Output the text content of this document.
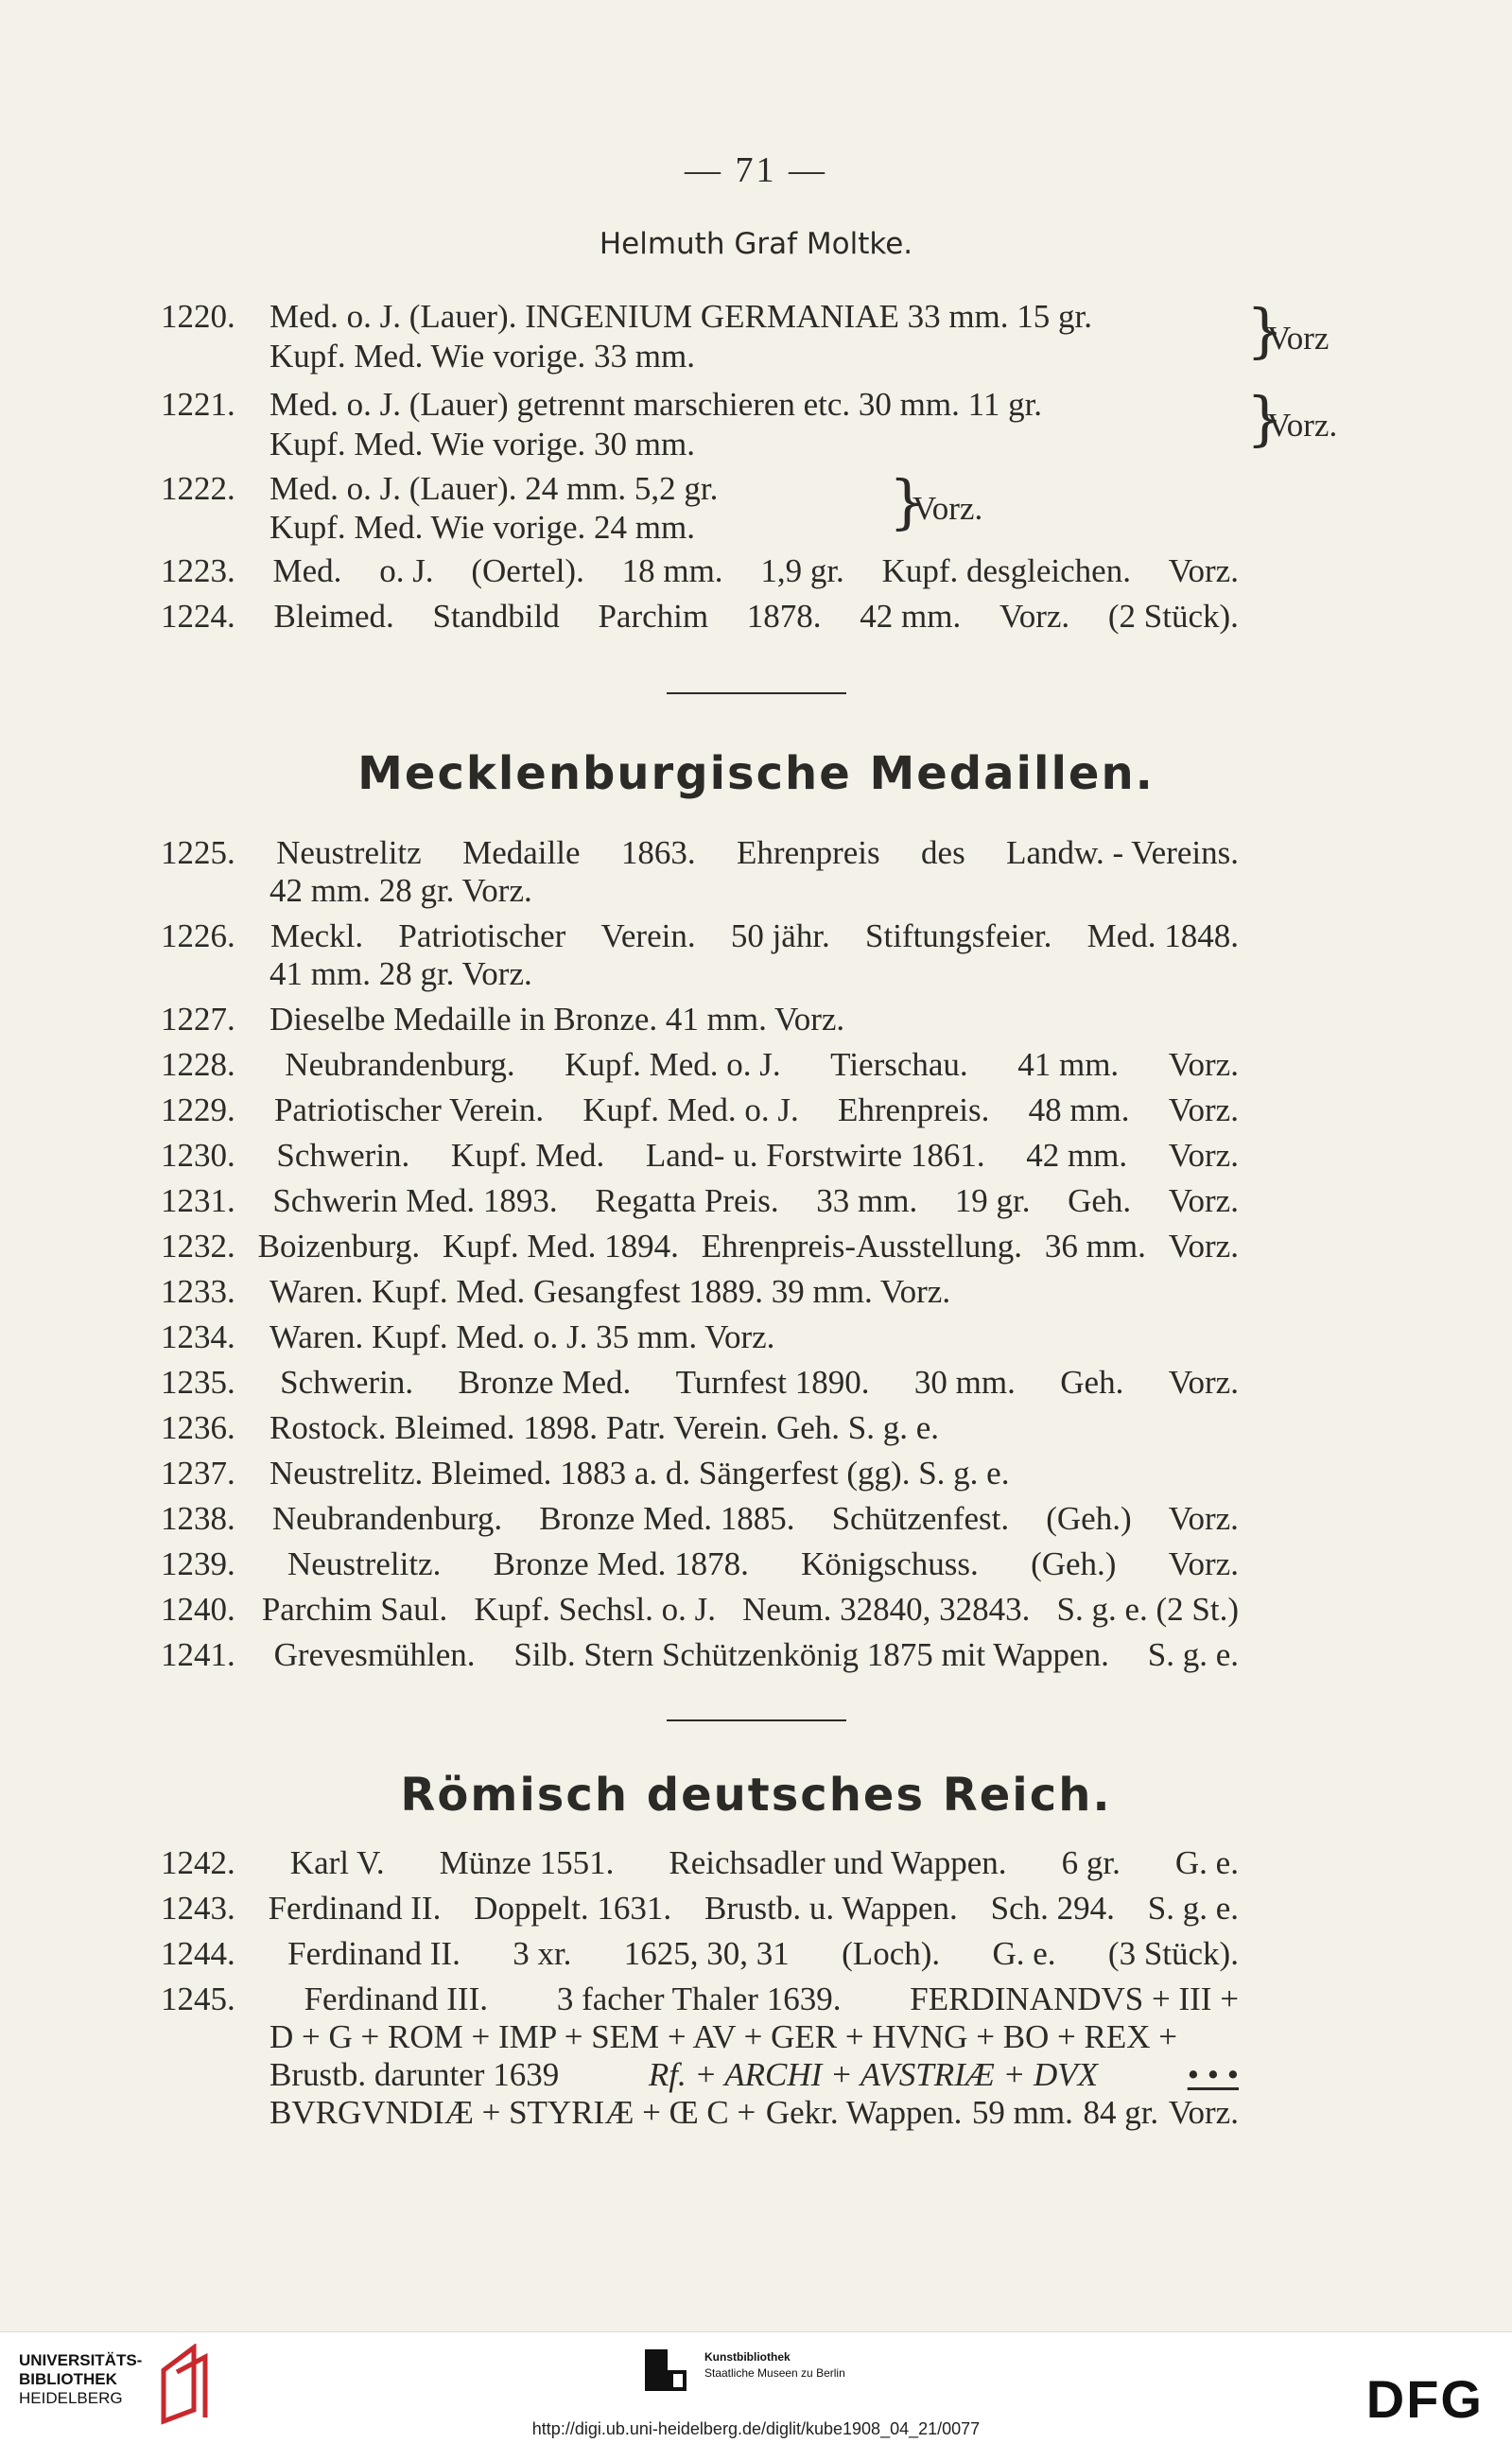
— 71 —
Helmuth Graf Moltke.
1220. Med. o. J. (Lauer). INGENIUM GERMANIAE 33 mm. 15 gr.
Kupf. Med. Wie vorige. 33 mm.	}
Vorz
1221. Med. o. J. (Lauer) getrennt marschieren etc. 30 mm. 11 gr.
Kupf. Med. Wie vorige. 30 mm.	}
Vorz.
1222. Med. o. J. (Lauer). 24 mm. 5,2 gr.
Kupf. Med. Wie vorige. 24 mm.	}
Vorz.
1223. Med. o. J. (Oertel). 18 mm. 1,9 gr. Kupf. desgleichen. Vorz.
1224. Bleimed. Standbild Parchim 1878. 42 mm. Vorz. (2 Stück).
Mecklenburgische Medaillen.
1225. Neustrelitz Medaille 1863. Ehrenpreis des Landw. - Vereins.
42 mm. 28 gr. Vorz.
1226. Meckl. Patriotischer Verein. 50 jähr. Stiftungsfeier. Med. 1848.
41 mm. 28 gr. Vorz.
1227. Dieselbe Medaille in Bronze. 41 mm. Vorz.
1228. Neubrandenburg. Kupf. Med. o. J. Tierschau. 41 mm. Vorz.
1229. Patriotischer Verein. Kupf. Med. o. J. Ehrenpreis. 48 mm. Vorz.
1230. Schwerin. Kupf. Med. Land- u. Forstwirte 1861. 42 mm. Vorz.
1231. Schwerin Med. 1893. Regatta Preis. 33 mm. 19 gr. Geh. Vorz.
1232. Boizenburg. Kupf. Med. 1894. Ehrenpreis-Ausstellung. 36 mm. Vorz.
1233. Waren. Kupf. Med. Gesangfest 1889. 39 mm. Vorz.
1234. Waren. Kupf. Med. o. J. 35 mm. Vorz.
1235. Schwerin. Bronze Med. Turnfest 1890. 30 mm. Geh. Vorz.
1236. Rostock. Bleimed. 1898. Patr. Verein. Geh. S. g. e.
1237. Neustrelitz. Bleimed. 1883 a. d. Sängerfest (gg). S. g. e.
1238. Neubrandenburg. Bronze Med. 1885. Schützenfest. (Geh.) Vorz.
1239. Neustrelitz. Bronze Med. 1878. Königschuss. (Geh.) Vorz.
1240. Parchim Saul. Kupf. Sechsl. o. J. Neum. 32840, 32843. S. g. e. (2 St.)
1241. Grevesmühlen. Silb. Stern Schützenkönig 1875 mit Wappen. S. g. e.
Römisch deutsches Reich.
1242. Karl V. Münze 1551. Reichsadler und Wappen. 6 gr. G. e.
1243. Ferdinand II. Doppelt. 1631. Brustb. u. Wappen. Sch. 294. S. g. e.
1244. Ferdinand II. 3 xr. 1625, 30, 31 (Loch). G. e. (3 Stück).
1245. Ferdinand III. 3 facher Thaler 1639. FERDINANDVS + III +
D + G + ROM + IMP + SEM + AV + GER + HVNG + BO + REX +
Brustb. darunter 1639	Rf. + ARCHI + AVSTRIÆ + DVX	• • •
BVRGVNDIÆ + STYRIÆ + Œ C + Gekr. Wappen. 59 mm. 84 gr. Vorz.
UNIVERSITÄTS-
BIBLIOTHEK
HEIDELBERG
Kunstbibliothek
Staatliche Museen zu Berlin	DFG
http://digi.ub.uni-heidelberg.de/diglit/kube1908_04_21/0077
